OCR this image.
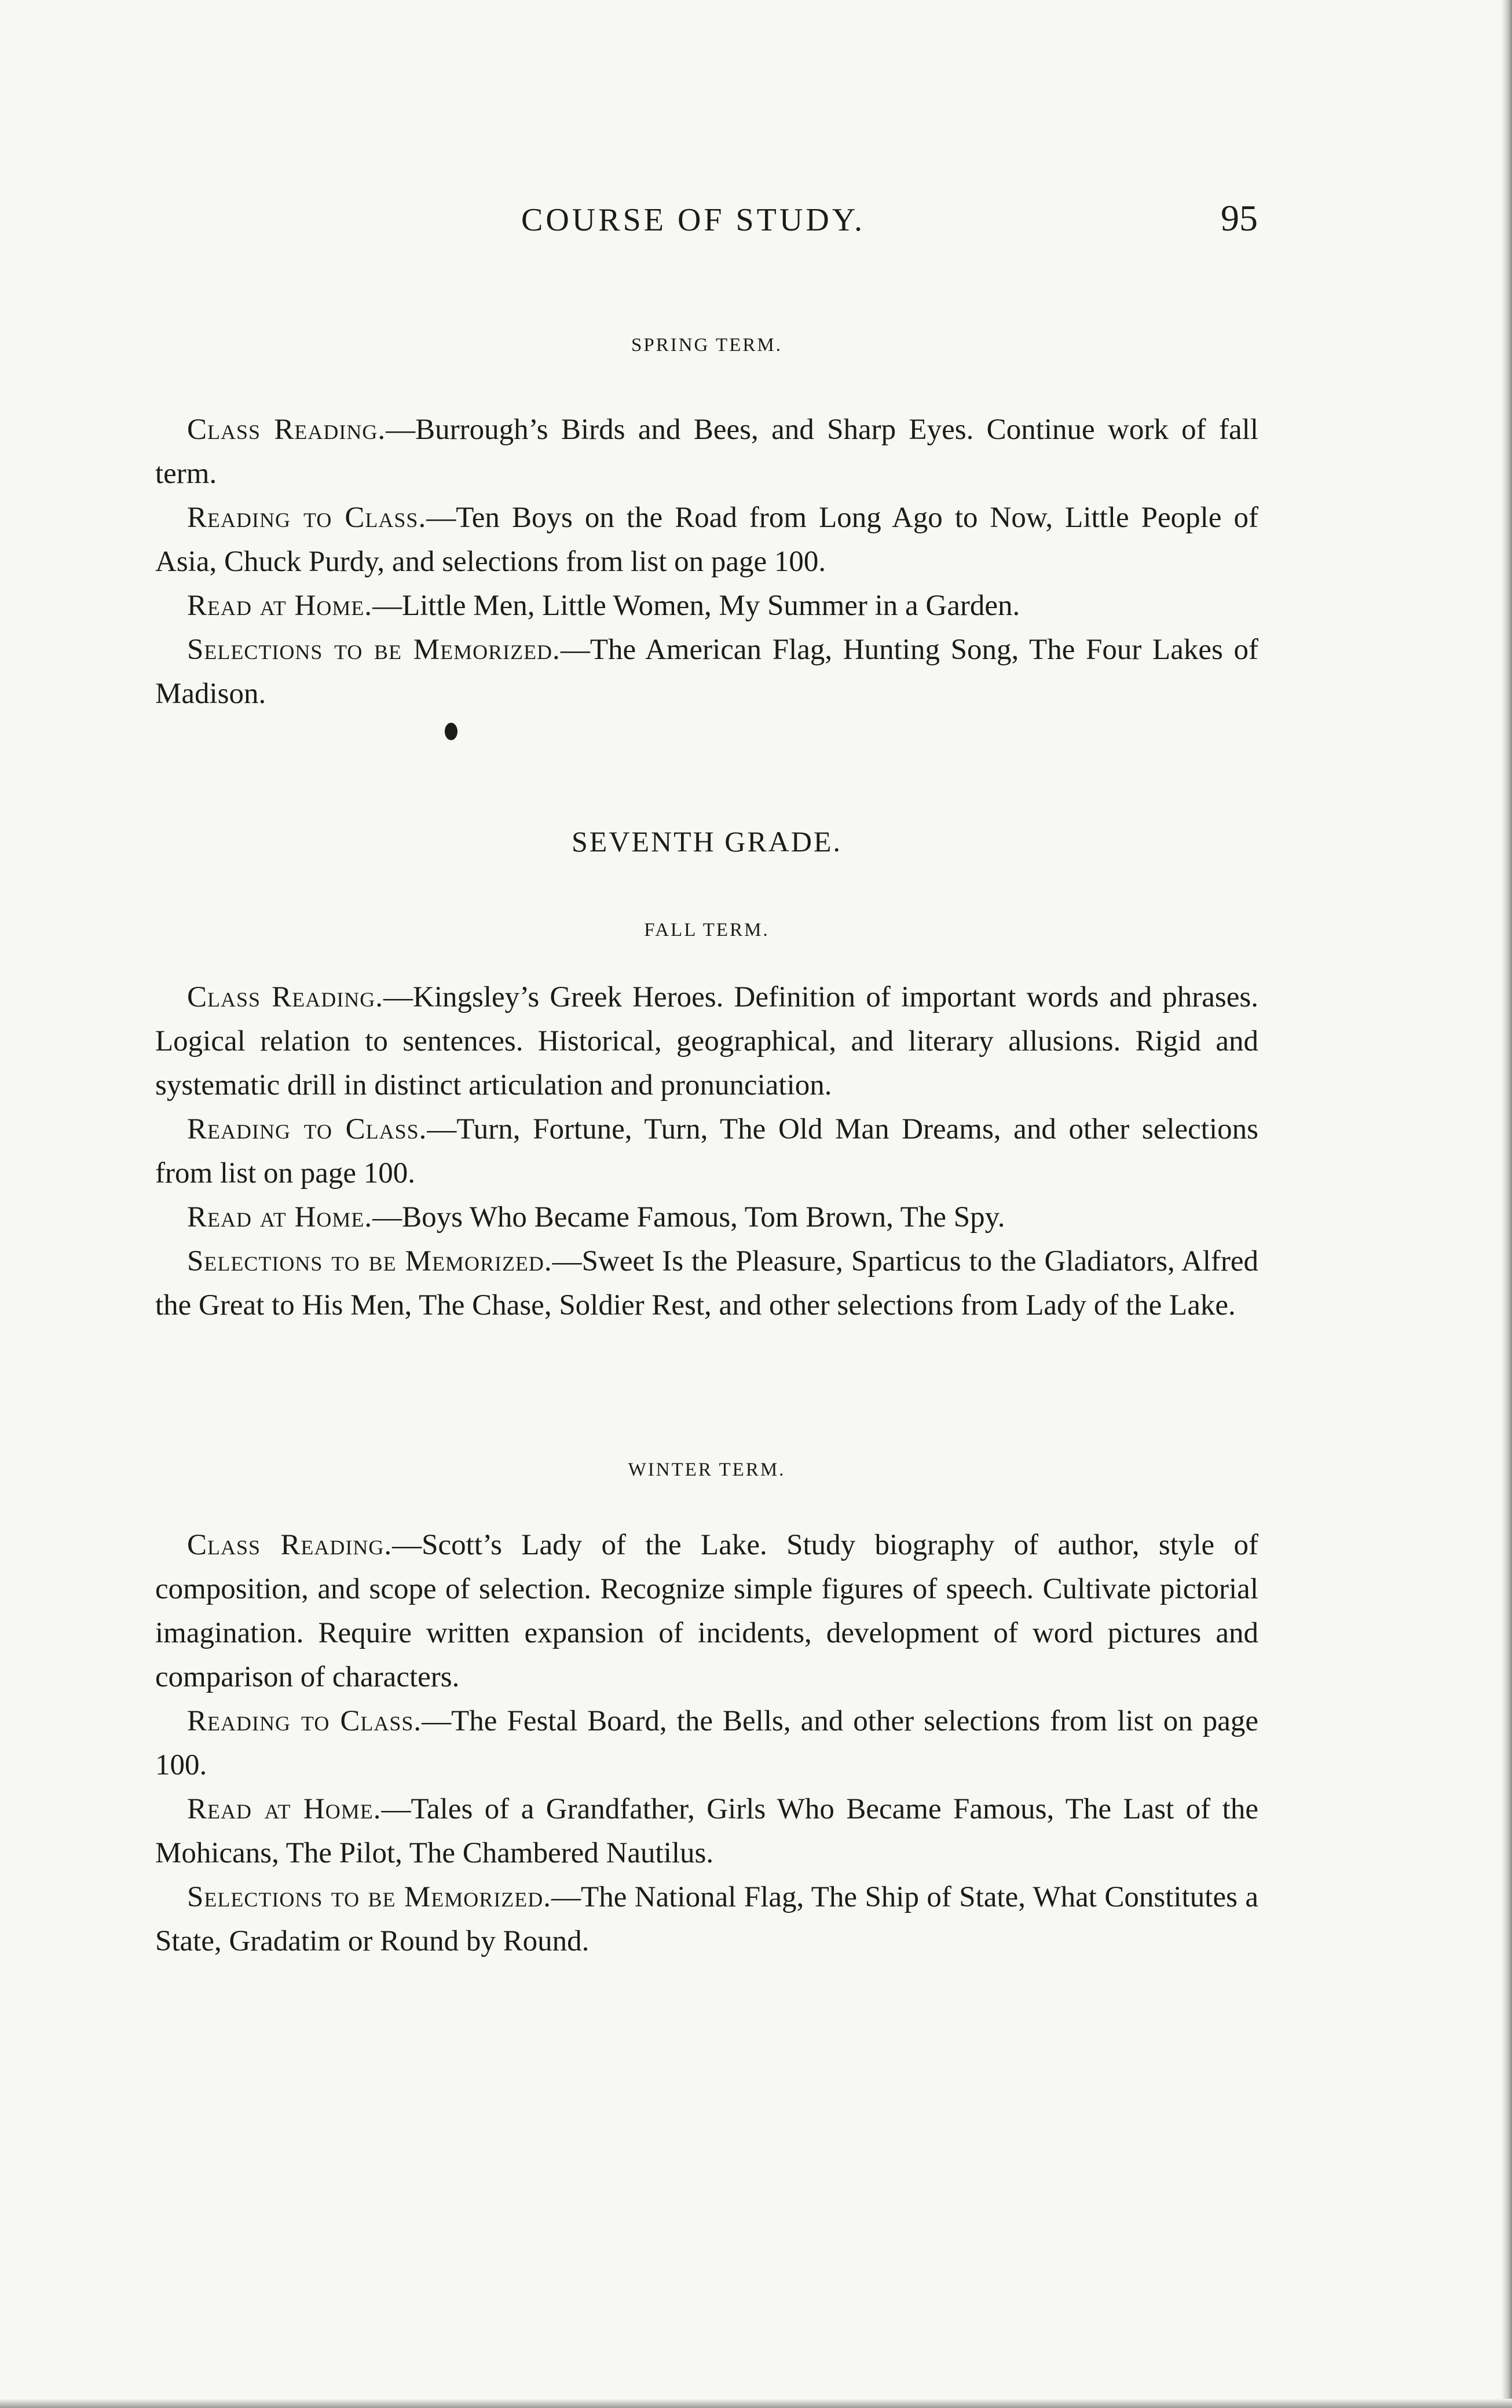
COURSE OF STUDY.	95

SPRING TERM.

Class Reading.—Burrough’s Birds and Bees, and Sharp Eyes. Continue work of fall term.

Reading to Class.—Ten Boys on the Road from Long Ago to Now, Little People of Asia, Chuck Purdy, and selections from list on page 100.

Read at Home.—Little Men, Little Women, My Summer in a Garden.

Selections to be Memorized.—The American Flag, Hunting Song, The Four Lakes of Madison.

SEVENTH GRADE.

FALL TERM.

Class Reading.—Kingsley’s Greek Heroes. Definition of important words and phrases. Logical relation to sentences. Historical, geographical, and literary allusions. Rigid and systematic drill in distinct articulation and pronunciation.

Reading to Class.—Turn, Fortune, Turn, The Old Man Dreams, and other selections from list on page 100.

Read at Home.—Boys Who Became Famous, Tom Brown, The Spy.

Selections to be Memorized.—Sweet Is the Pleasure, Sparticus to the Gladiators, Alfred the Great to His Men, The Chase, Soldier Rest, and other selections from Lady of the Lake.

WINTER TERM.

Class Reading.—Scott’s Lady of the Lake. Study biography of author, style of composition, and scope of selection. Recognize simple figures of speech. Cultivate pictorial imagination. Require written expansion of incidents, development of word pictures and comparison of characters.

Reading to Class.—The Festal Board, the Bells, and other selections from list on page 100.

Read at Home.—Tales of a Grandfather, Girls Who Became Famous, The Last of the Mohicans, The Pilot, The Chambered Nautilus.

Selections to be Memorized.—The National Flag, The Ship of State, What Constitutes a State, Gradatim or Round by Round.
